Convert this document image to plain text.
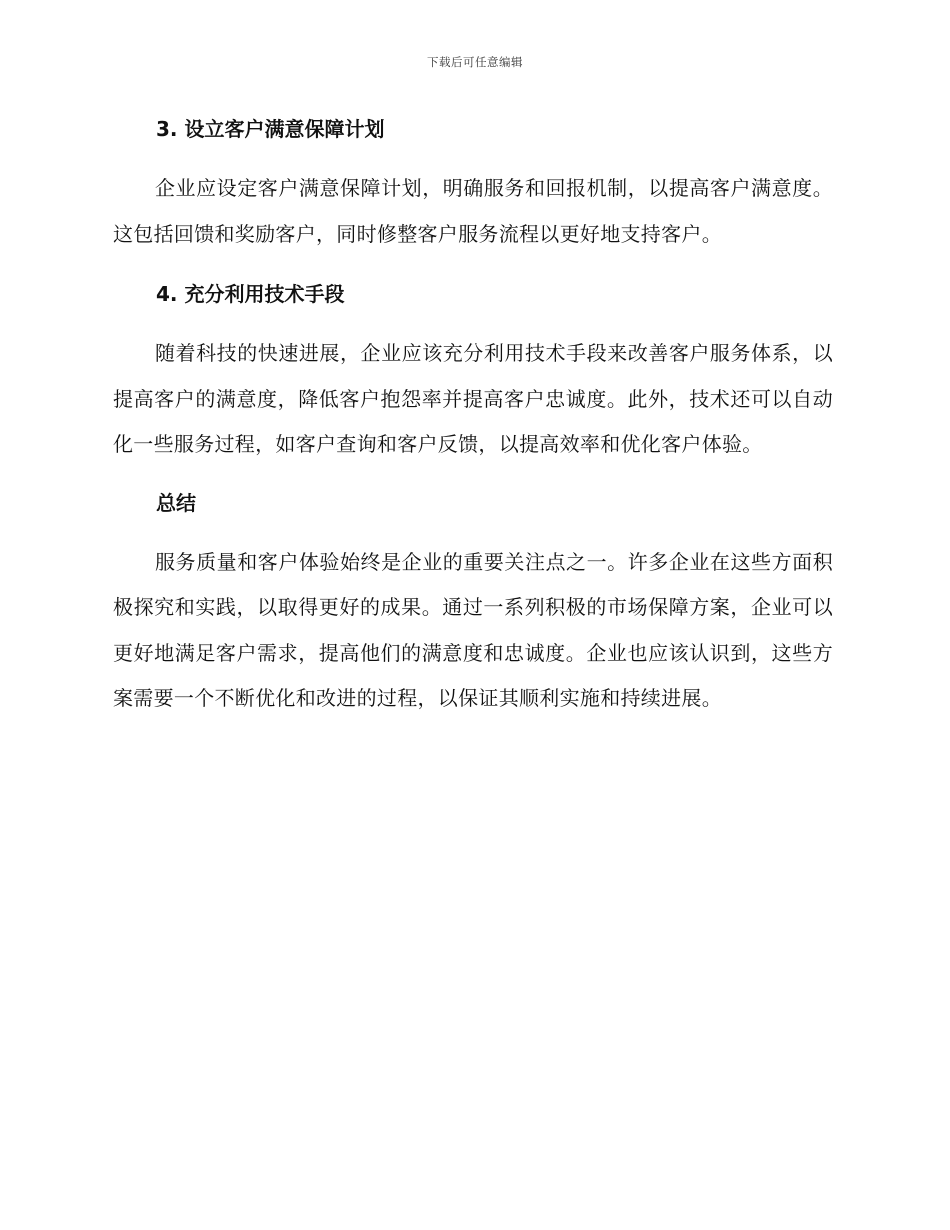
下载后可任意编辑
3. 设立客户满意保障计划

企业应设定客户满意保障计划，明确服务和回报机制，以提高客户满意度。这包括回馈和奖励客户，同时修整客户服务流程以更好地支持客户。

4. 充分利用技术手段

随着科技的快速进展，企业应该充分利用技术手段来改善客户服务体系，以提高客户的满意度，降低客户抱怨率并提高客户忠诚度。此外，技术还可以自动化一些服务过程，如客户查询和客户反馈，以提高效率和优化客户体验。

总结

服务质量和客户体验始终是企业的重要关注点之一。许多企业在这些方面积极探究和实践，以取得更好的成果。通过一系列积极的市场保障方案，企业可以更好地满足客户需求，提高他们的满意度和忠诚度。企业也应该认识到，这些方案需要一个不断优化和改进的过程，以保证其顺利实施和持续进展。
